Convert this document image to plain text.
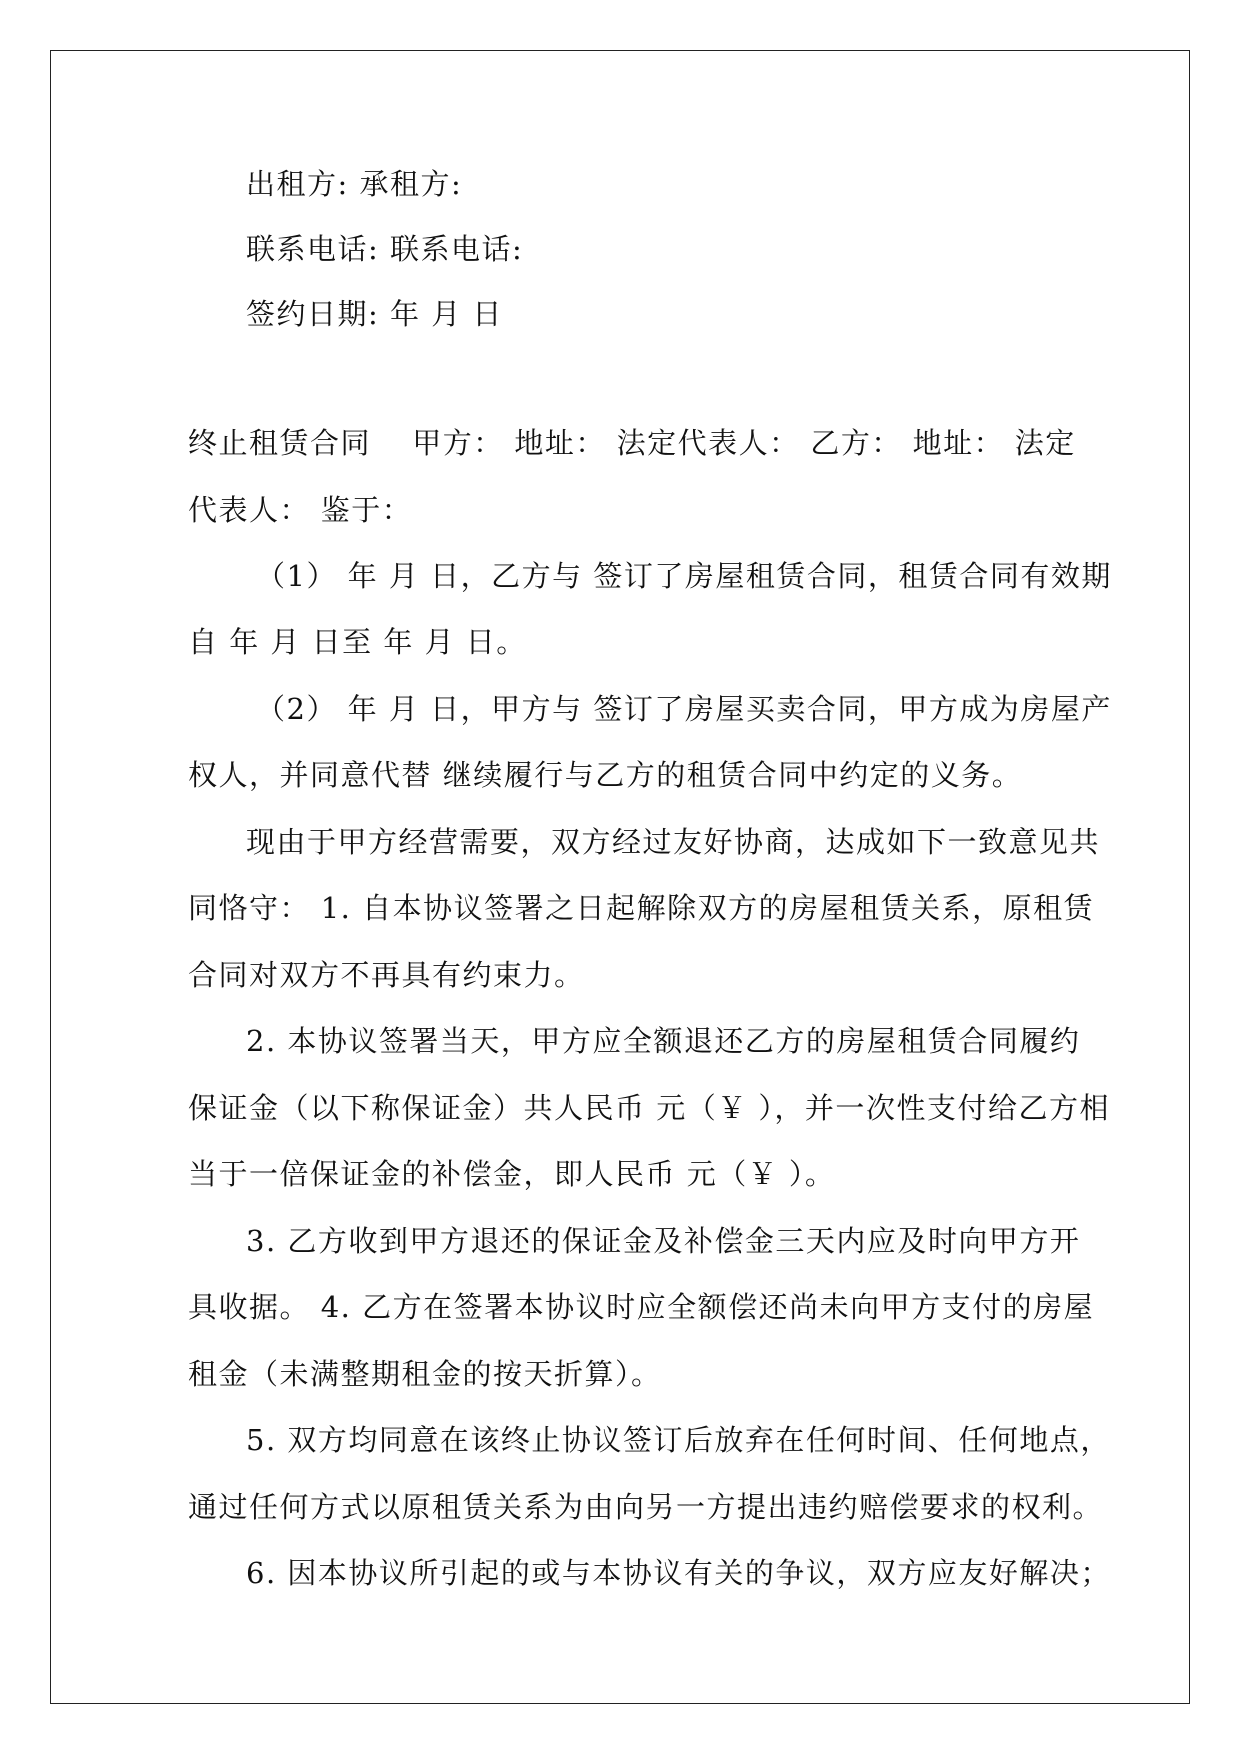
出租方: 承租方:
联系电话: 联系电话:
签约日期: 年 月 日
终止租赁合同　 甲方： 地址： 法定代表人： 乙方： 地址： 法定
代表人： 鉴于：
（1） 年 月 日，乙方与 签订了房屋租赁合同，租赁合同有效期
自 年 月 日至 年 月 日。
（2） 年 月 日，甲方与 签订了房屋买卖合同，甲方成为房屋产
权人，并同意代替 继续履行与乙方的租赁合同中约定的义务。
现由于甲方经营需要，双方经过友好协商，达成如下一致意见共
同恪守： 1. 自本协议签署之日起解除双方的房屋租赁关系，原租赁
合同对双方不再具有约束力。
2. 本协议签署当天，甲方应全额退还乙方的房屋租赁合同履约
保证金（以下称保证金）共人民币 元（￥ ），并一次性支付给乙方相
当于一倍保证金的补偿金，即人民币 元（￥ ）。
3. 乙方收到甲方退还的保证金及补偿金三天内应及时向甲方开
具收据。 4. 乙方在签署本协议时应全额偿还尚未向甲方支付的房屋
租金（未满整期租金的按天折算）。
5. 双方均同意在该终止协议签订后放弃在任何时间、任何地点，
通过任何方式以原租赁关系为由向另一方提出违约赔偿要求的权利。
6. 因本协议所引起的或与本协议有关的争议，双方应友好解决；
